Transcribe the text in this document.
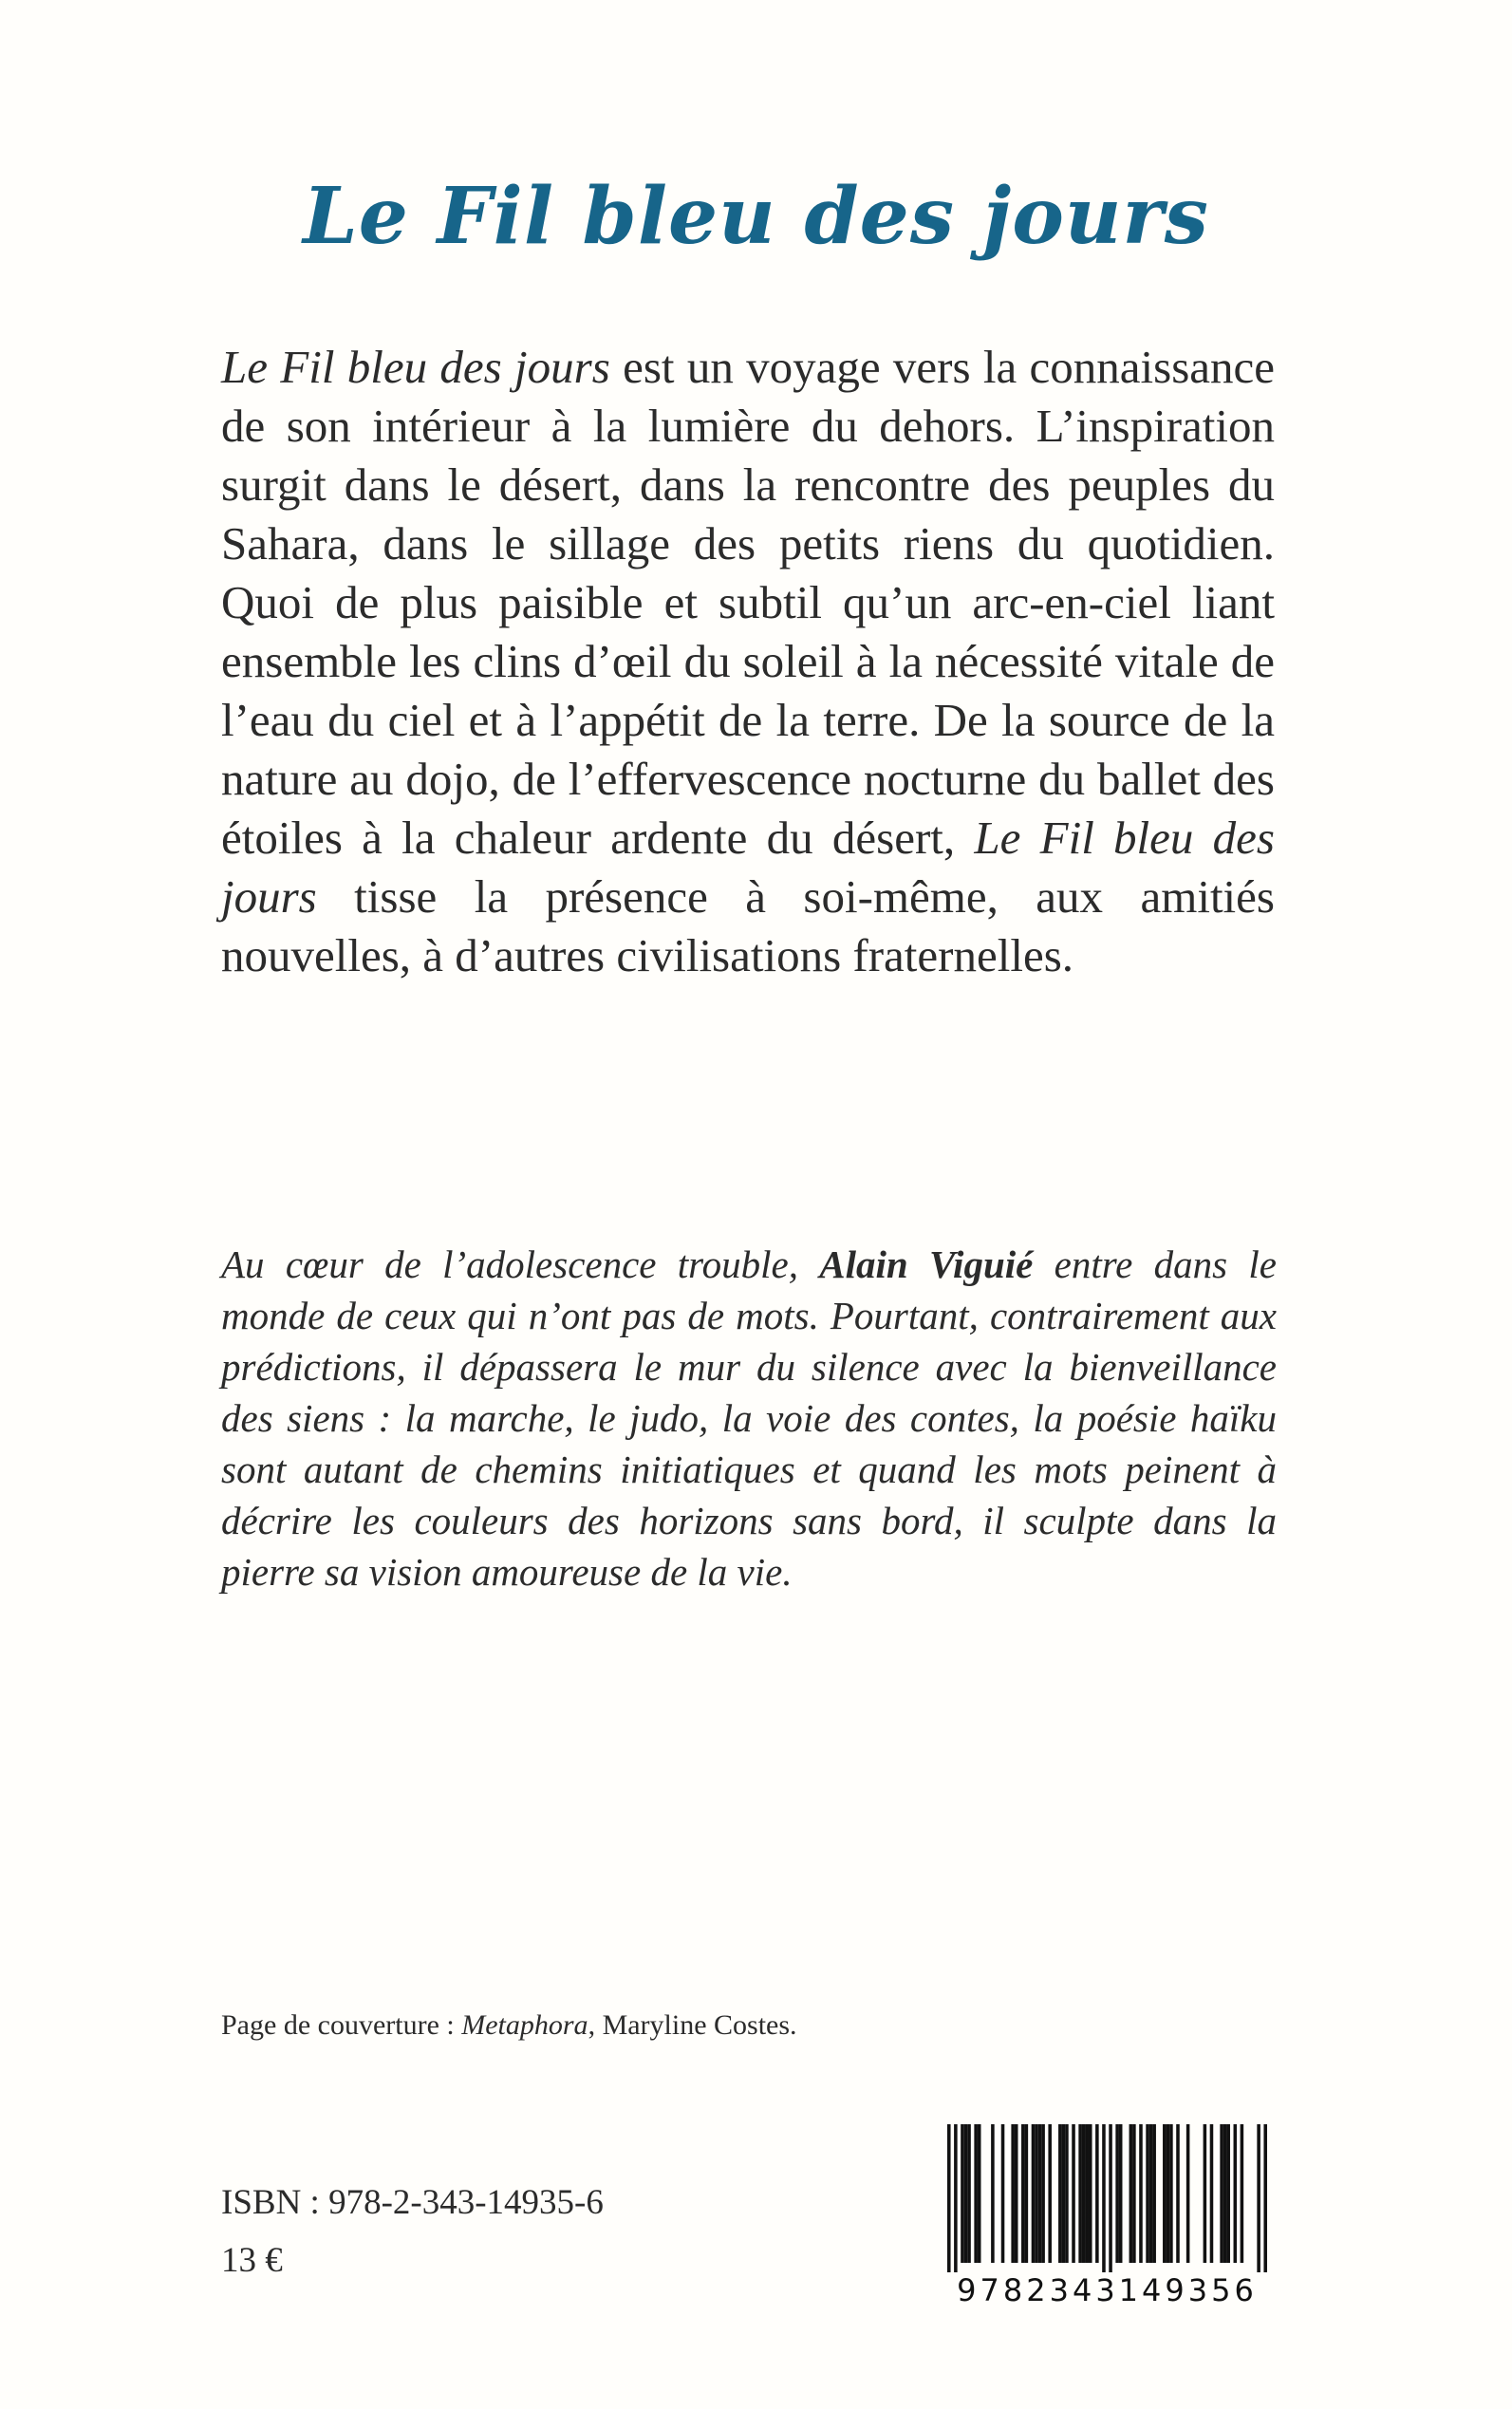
Le Fil bleu des jours

Le Fil bleu des jours est un voyage vers la connaissance de son intérieur à la lumière du dehors. L’inspiration surgit dans le désert, dans la rencontre des peuples du Sahara, dans le sillage des petits riens du quotidien. Quoi de plus paisible et subtil qu’un arc-en-ciel liant ensemble les clins d’œil du soleil à la nécessité vitale de l’eau du ciel et à l’appétit de la terre. De la source de la nature au dojo, de l’effervescence nocturne du ballet des étoiles à la chaleur ardente du désert, Le Fil bleu des jours tisse la présence à soi-même, aux amitiés nouvelles, à d’autres civilisations fraternelles.

Au cœur de l’adolescence trouble, Alain Viguié entre dans le monde de ceux qui n’ont pas de mots. Pourtant, contrairement aux prédictions, il dépassera le mur du silence avec la bienveillance des siens : la marche, le judo, la voie des contes, la poésie haïku sont autant de chemins initiatiques et quand les mots peinent à décrire les couleurs des horizons sans bord, il sculpte dans la pierre sa vision amoureuse de la vie.

Page de couverture : Metaphora, Maryline Costes.

ISBN : 978-2-343-14935-6

13 €

9782343149356
